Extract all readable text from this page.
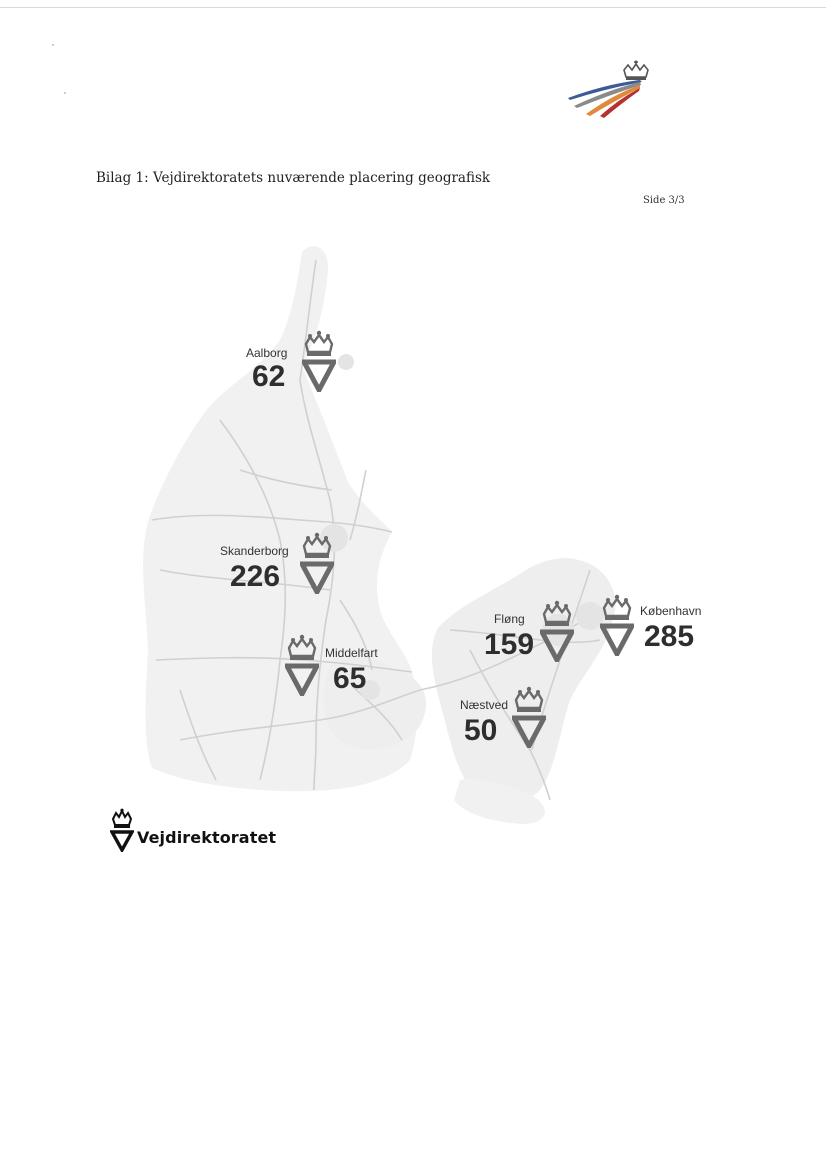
Bilag 1: Vejdirektoratets nuværende placering geografisk
Side 3/3
Aalborg
62
Skanderborg
226
Middelfart
65
Fløng
159
København
285
Næstved
50
Vejdirektoratet
